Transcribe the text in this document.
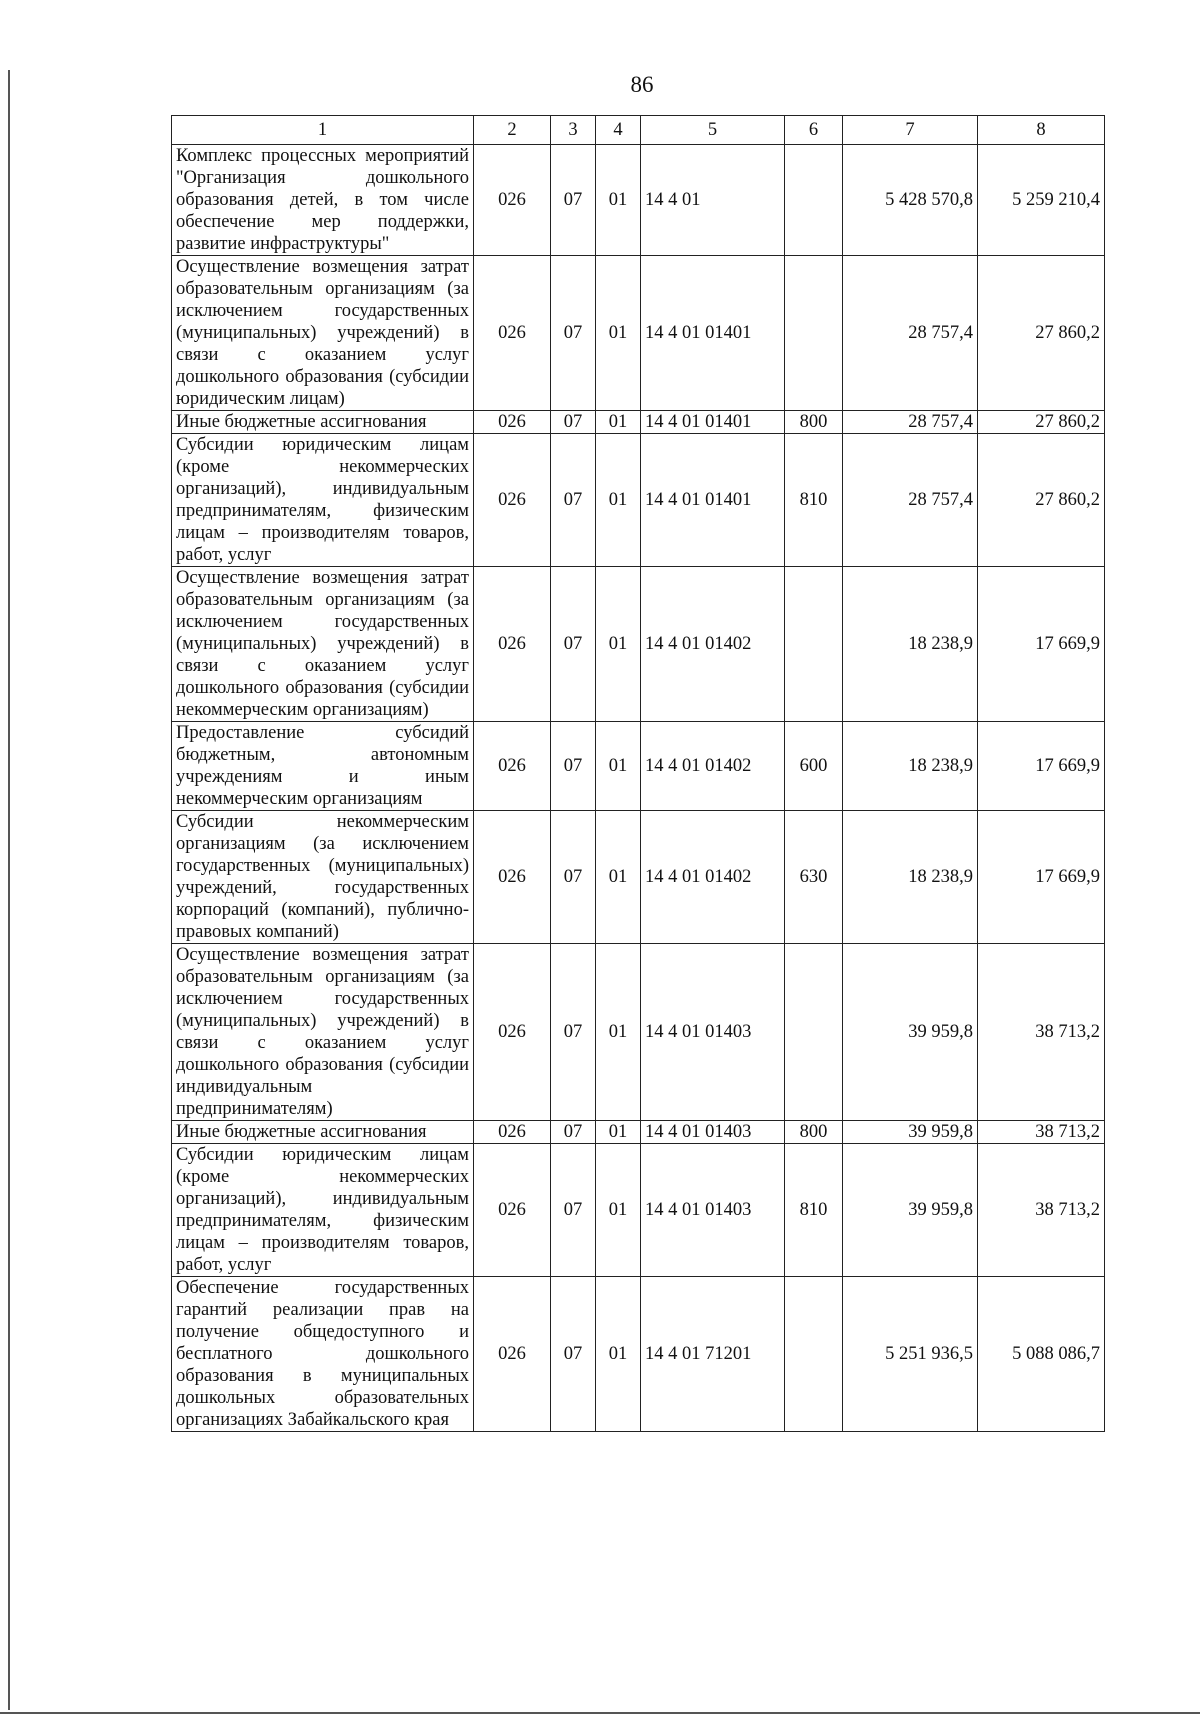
86
1	2	3	4	5	6	7	8
Комплекс процессных мероприятий "Организация дошкольного образования детей, в том числе обеспечение мер поддержки, развитие инфраструктуры"	026	07	01	14 4 01		5 428 570,8	5 259 210,4
Осуществление возмещения затрат образовательным организациям (за исключением государственных (муниципальных) учреждений) в связи с оказанием услуг дошкольного образования (субсидии юридическим лицам)	026	07	01	14 4 01 01401		28 757,4	27 860,2
Иные бюджетные ассигнования	026	07	01	14 4 01 01401	800	28 757,4	27 860,2
Субсидии юридическим лицам (кроме некоммерческих организаций), индивидуальным предпринимателям, физическим лицам – производителям товаров, работ, услуг	026	07	01	14 4 01 01401	810	28 757,4	27 860,2
Осуществление возмещения затрат образовательным организациям (за исключением государственных (муниципальных) учреждений) в связи с оказанием услуг дошкольного образования (субсидии некоммерческим организациям)	026	07	01	14 4 01 01402		18 238,9	17 669,9
Предоставление субсидий бюджетным, автономным учреждениям и иным некоммерческим организациям	026	07	01	14 4 01 01402	600	18 238,9	17 669,9
Субсидии некоммерческим организациям (за исключением государственных (муниципальных) учреждений, государственных корпораций (компаний), публично-правовых компаний)	026	07	01	14 4 01 01402	630	18 238,9	17 669,9
Осуществление возмещения затрат образовательным организациям (за исключением государственных (муниципальных) учреждений) в связи с оказанием услуг дошкольного образования (субсидии индивидуальным предпринимателям)	026	07	01	14 4 01 01403		39 959,8	38 713,2
Иные бюджетные ассигнования	026	07	01	14 4 01 01403	800	39 959,8	38 713,2
Субсидии юридическим лицам (кроме некоммерческих организаций), индивидуальным предпринимателям, физическим лицам – производителям товаров, работ, услуг	026	07	01	14 4 01 01403	810	39 959,8	38 713,2
Обеспечение государственных гарантий реализации прав на получение общедоступного и бесплатного дошкольного образования в муниципальных дошкольных образовательных организациях Забайкальского края	026	07	01	14 4 01 71201		5 251 936,5	5 088 086,7
